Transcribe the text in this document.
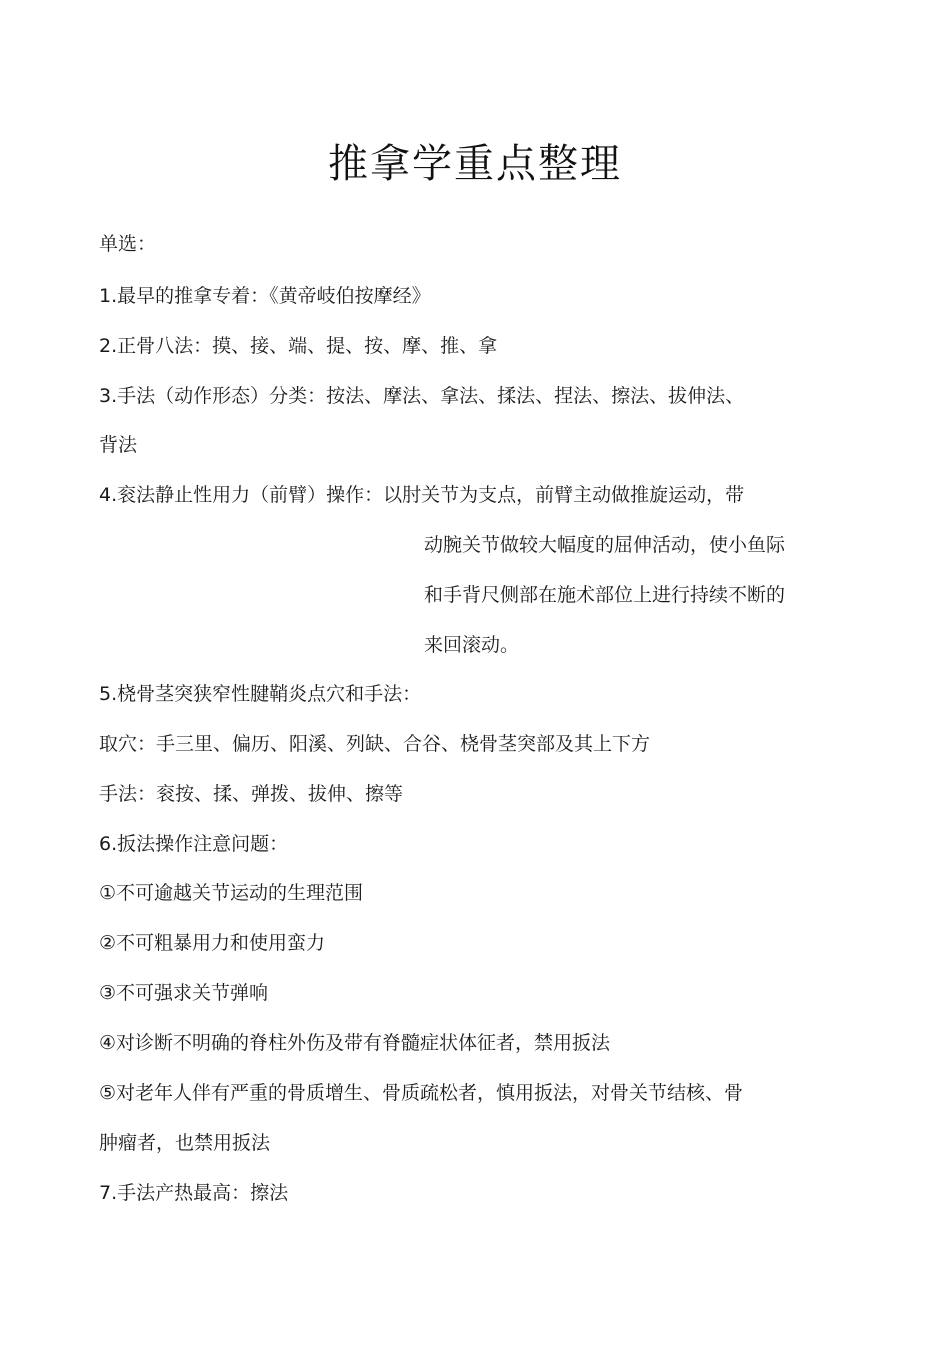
推拿学重点整理
单选：
1.最早的推拿专着：《黄帝岐伯按摩经》
2.正骨八法：摸、接、端、提、按、摩、推、拿
3.手法（动作形态）分类：按法、摩法、拿法、揉法、捏法、擦法、拔伸法、
背法
4.衮法静止性用力（前臂）操作：以肘关节为支点，前臂主动做推旋运动，带
动腕关节做较大幅度的屈伸活动，使小鱼际
和手背尺侧部在施术部位上进行持续不断的
来回滚动。
5.桡骨茎突狭窄性腱鞘炎点穴和手法：
取穴：手三里、偏历、阳溪、列缺、合谷、桡骨茎突部及其上下方
手法：衮按、揉、弹拨、拔伸、擦等
6.扳法操作注意问题：
①不可逾越关节运动的生理范围
②不可粗暴用力和使用蛮力
③不可强求关节弹响
④对诊断不明确的脊柱外伤及带有脊髓症状体征者，禁用扳法
⑤对老年人伴有严重的骨质增生、骨质疏松者，慎用扳法，对骨关节结核、骨
肿瘤者，也禁用扳法
7.手法产热最高：擦法
